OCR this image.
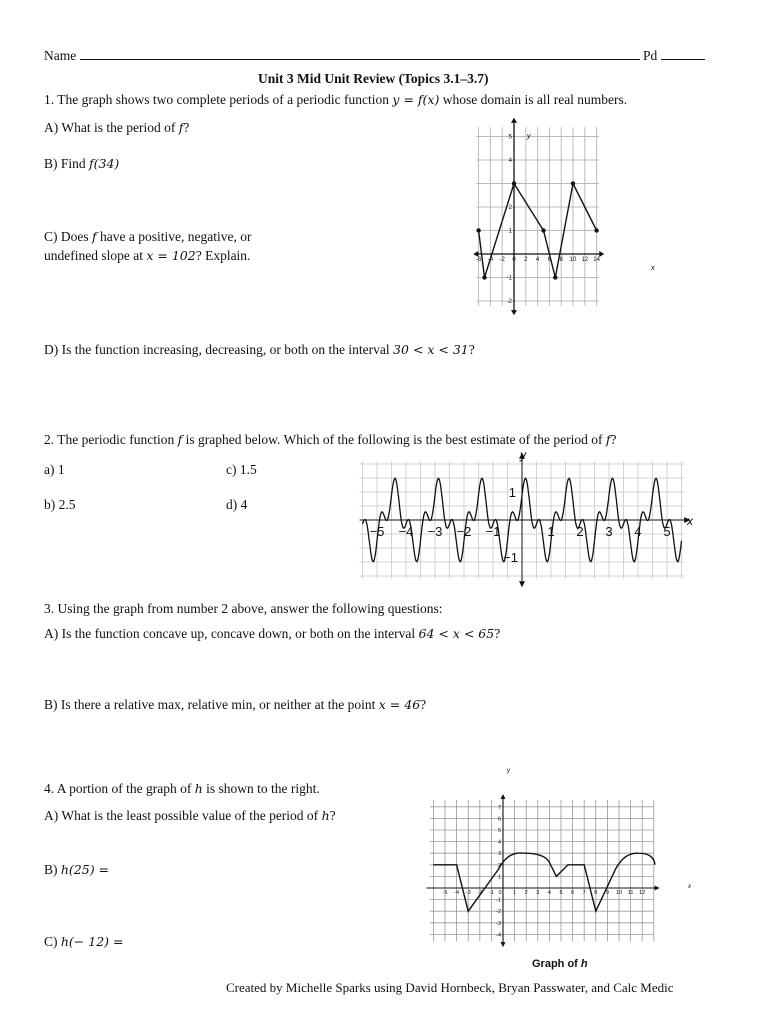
Name	Pd
Unit 3 Mid Unit Review (Topics 3.1–3.7)
1. The graph shows two complete periods of a periodic function y = f(x) whose domain is all real numbers.
A) What is the period of f?
B) Find f(34)
C) Does f have a positive, negative, or
undefined slope at x = 102? Explain.
D) Is the function increasing, decreasing, or both on the interval 30 < x < 31?
-6 -4 -2 0 2 4 6 8 10 12 14
-2
-1
1
2
4
5 y
x
2. The periodic function f is graphed below. Which of the following is the best estimate of the period of f?
a) 1
b) 2.5
c) 1.5
d) 4
−5 −4 −3 −2 −1	1 2 3 4 5
1
−1
y
x
3. Using the graph from number 2 above, answer the following questions:
A) Is the function concave up, concave down, or both on the interval 64 < x < 65?
B) Is there a relative max, relative min, or neither at the point x = 46?
4. A portion of the graph of h is shown to the right.
A) What is the least possible value of the period of h?
B) h(25) =
C) h(− 12) =
-5 -4 -3 -2 -1 0 1 2 3 4 5 6 7 8 9 10 11 12
7
6
5
4
3
2
1
-1
-2
-3
-4
y
x
Graph of h
Created by Michelle Sparks using David Hornbeck, Bryan Passwater, and Calc Medic
